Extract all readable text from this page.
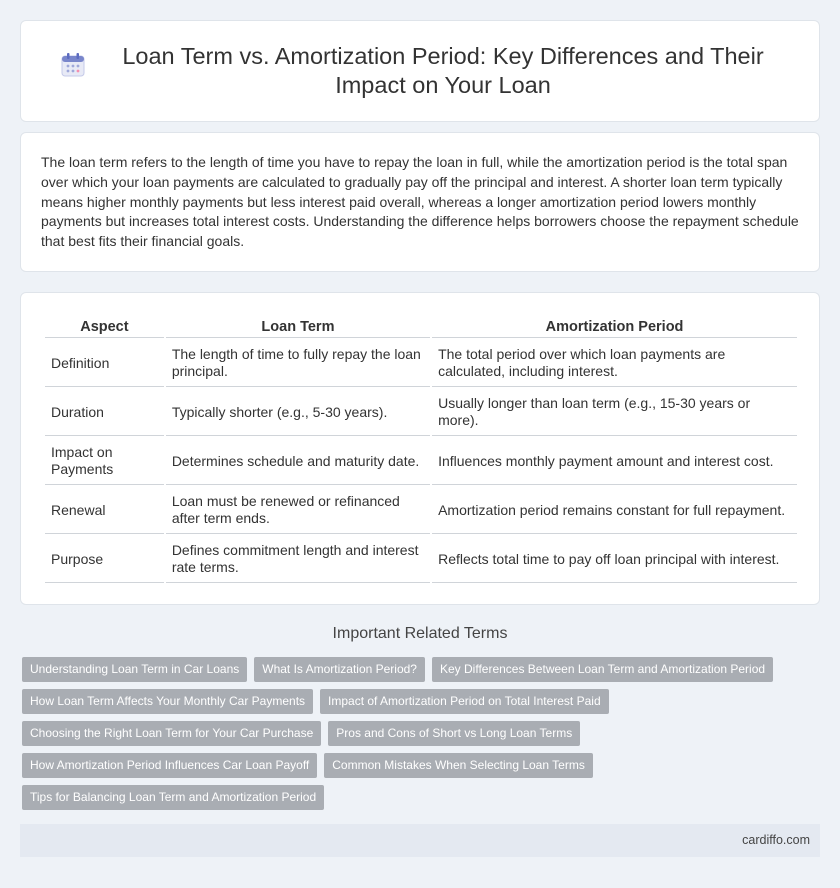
Loan Term vs. Amortization Period: Key Differences and Their Impact on Your Loan

The loan term refers to the length of time you have to repay the loan in full, while the amortization period is the total span over which your loan payments are calculated to gradually pay off the principal and interest. A shorter loan term typically means higher monthly payments but less interest paid overall, whereas a longer amortization period lowers monthly payments but increases total interest costs. Understanding the difference helps borrowers choose the repayment schedule that best fits their financial goals.

Aspect	Loan Term	Amortization Period
Definition	The length of time to fully repay the loan principal.	The total period over which loan payments are calculated, including interest.
Duration	Typically shorter (e.g., 5-30 years).	Usually longer than loan term (e.g., 15-30 years or more).
Impact on Payments	Determines schedule and maturity date.	Influences monthly payment amount and interest cost.
Renewal	Loan must be renewed or refinanced after term ends.	Amortization period remains constant for full repayment.
Purpose	Defines commitment length and interest rate terms.	Reflects total time to pay off loan principal with interest.
Important Related Terms
Understanding Loan Term in Car Loans	What Is Amortization Period?	Key Differences Between Loan Term and Amortization Period
How Loan Term Affects Your Monthly Car Payments	Impact of Amortization Period on Total Interest Paid
Choosing the Right Loan Term for Your Car Purchase	Pros and Cons of Short vs Long Loan Terms
How Amortization Period Influences Car Loan Payoff	Common Mistakes When Selecting Loan Terms
Tips for Balancing Loan Term and Amortization Period
cardiffo.com
